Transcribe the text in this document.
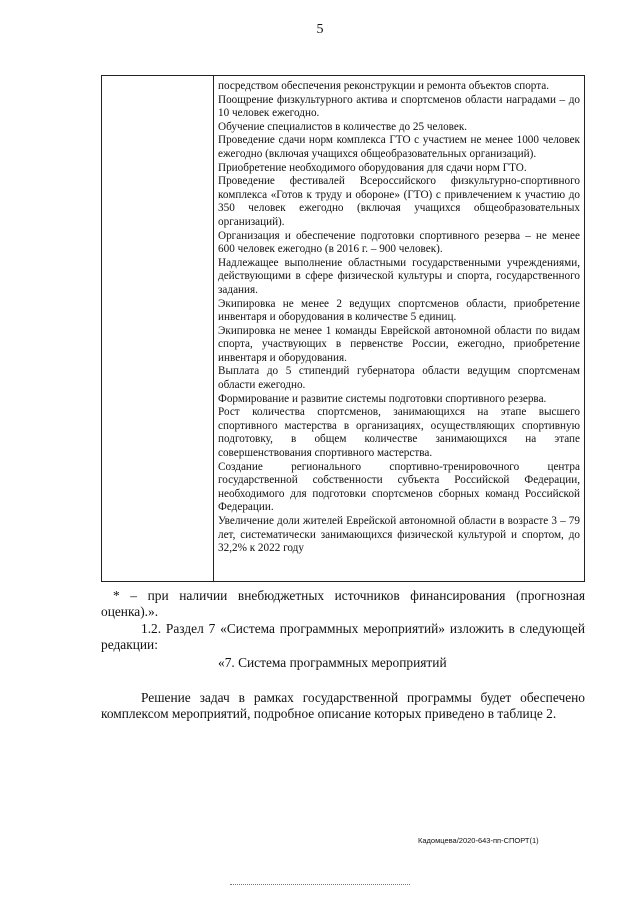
5

посредством обеспечения реконструкции и ремонта объектов спорта.

Поощрение физкультурного актива и спортсменов области наградами – до 10 человек ежегодно.

Обучение специалистов в количестве до 25 человек.

Проведение сдачи норм комплекса ГТО с участием не менее 1000 человек ежегодно (включая учащихся общеобразовательных организаций).

Приобретение необходимого оборудования для сдачи норм ГТО.

Проведение фестивалей Всероссийского физкультурно-спортивного комплекса «Готов к труду и обороне» (ГТО) с привлечением к участию до 350 человек ежегодно (включая учащихся общеобразовательных организаций).

Организация и обеспечение подготовки спортивного резерва – не менее 600 человек ежегодно (в 2016 г. – 900 человек).

Надлежащее выполнение областными государственными учреждениями, действующими в сфере физической культуры и спорта, государственного задания.

Экипировка не менее 2 ведущих спортсменов области, приобретение инвентаря и оборудования в количестве 5 единиц.

Экипировка не менее 1 команды Еврейской автономной области по видам спорта, участвующих в первенстве России, ежегодно, приобретение инвентаря и оборудования.

Выплата до 5 стипендий губернатора области ведущим спортсменам области ежегодно.

Формирование и развитие системы подготовки спортивного резерва.

Рост количества спортсменов, занимающихся на этапе высшего спортивного мастерства в организациях, осуществляющих спортивную подготовку, в общем количестве занимающихся на этапе совершенствования спортивного мастерства.

Создание регионального спортивно-тренировочного центра государственной собственности субъекта Российской Федерации, необходимого для подготовки спортсменов сборных команд Российской Федерации.

Увеличение доли жителей Еврейской автономной области в возрасте 3 – 79 лет, систематически занимающихся физической культурой и спортом, до 32,2% к 2022 году

* – при наличии внебюджетных источников финансирования (прогнозная оценка).».
1.2. Раздел 7 «Система программных мероприятий» изложить в следующей редакции:
«7. Система программных мероприятий
Решение задач в рамках государственной программы будет обеспечено комплексом мероприятий, подробное описание которых приведено в таблице 2.
Кадомцева/2020-643-пп-СПОРТ(1)
